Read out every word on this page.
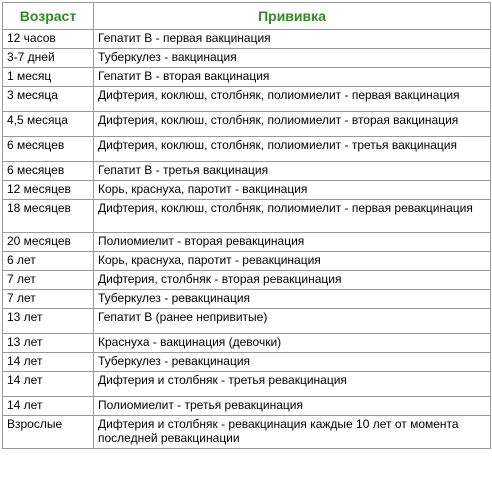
Возраст	Прививка
12 часов	Гепатит В - первая вакцинация
3-7 дней	Туберкулез - вакцинация
1 месяц	Гепатит В - вторая вакцинация
3 месяца	Дифтерия, коклюш, столбняк, полиомиелит - первая вакцинация
4,5 месяца	Дифтерия, коклюш, столбняк, полиомиелит - вторая вакцинация
6 месяцев	Дифтерия, коклюш, столбняк, полиомиелит - третья вакцинация
6 месяцев	Гепатит В - третья вакцинация
12 месяцев	Корь, краснуха, паротит - вакцинация
18 месяцев	Дифтерия, коклюш, столбняк, полиомиелит - первая ревакцинация
20 месяцев	Полиомиелит - вторая ревакцинация
6 лет	Корь, краснуха, паротит - ревакцинация
7 лет	Дифтерия, столбняк - вторая ревакцинация
7 лет	Туберкулез - ревакцинация
13 лет	Гепатит В (ранее непривитые)
13 лет	Краснуха - вакцинация (девочки)
14 лет	Туберкулез - ревакцинация
14 лет	Дифтерия и столбняк - третья ревакцинация
14 лет	Полиомиелит - третья ревакцинация
Взрослые	Дифтерия и столбняк - ревакцинация каждые 10 лет от момента последней ревакцинации
